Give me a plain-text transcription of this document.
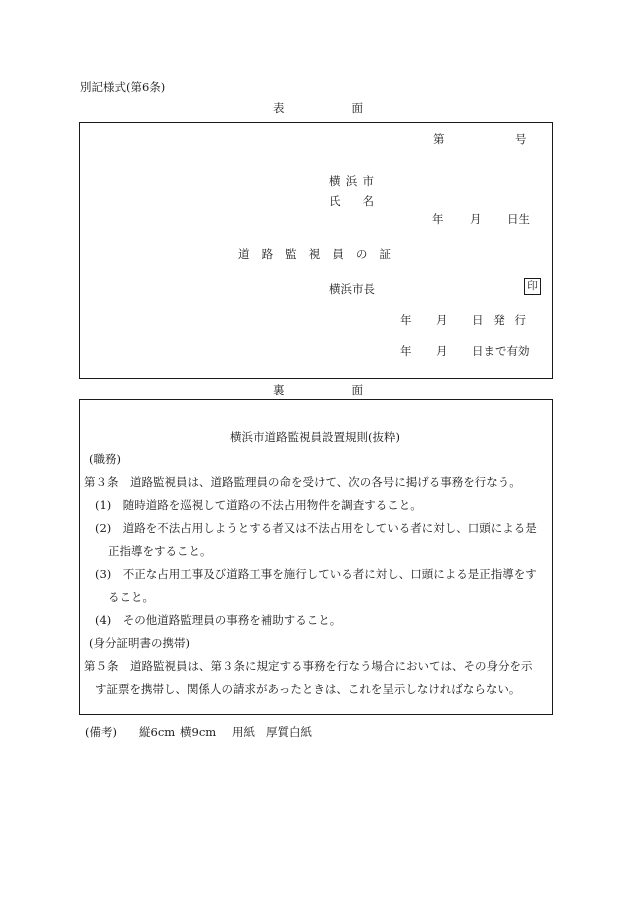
別記様式(第6条)
表	面
第	号
横 浜 市
氏 名
年 月 日生
道 路 監 視 員 の 証
横浜市長	印
年 月 日 発 行
年 月 日まで有効
裏	面
横浜市道路監視員設置規則(抜粋)
(職務)
第３条　道路監視員は、道路監理員の命を受けて、次の各号に掲げる事務を行なう。
(1)　随時道路を巡視して道路の不法占用物件を調査すること。
(2)　道路を不法占用しようとする者又は不法占用をしている者に対し、口頭による是
正指導をすること。
(3)　不正な占用工事及び道路工事を施行している者に対し、口頭による是正指導をす
ること。
(4)　その他道路監理員の事務を補助すること。
(身分証明書の携帯)
第５条　道路監視員は、第３条に規定する事務を行なう場合においては、その身分を示
す証票を携帯し、関係人の請求があったときは、これを呈示しなければならない。
(備考) 縦6cm 横9cm 用紙 厚質白紙
